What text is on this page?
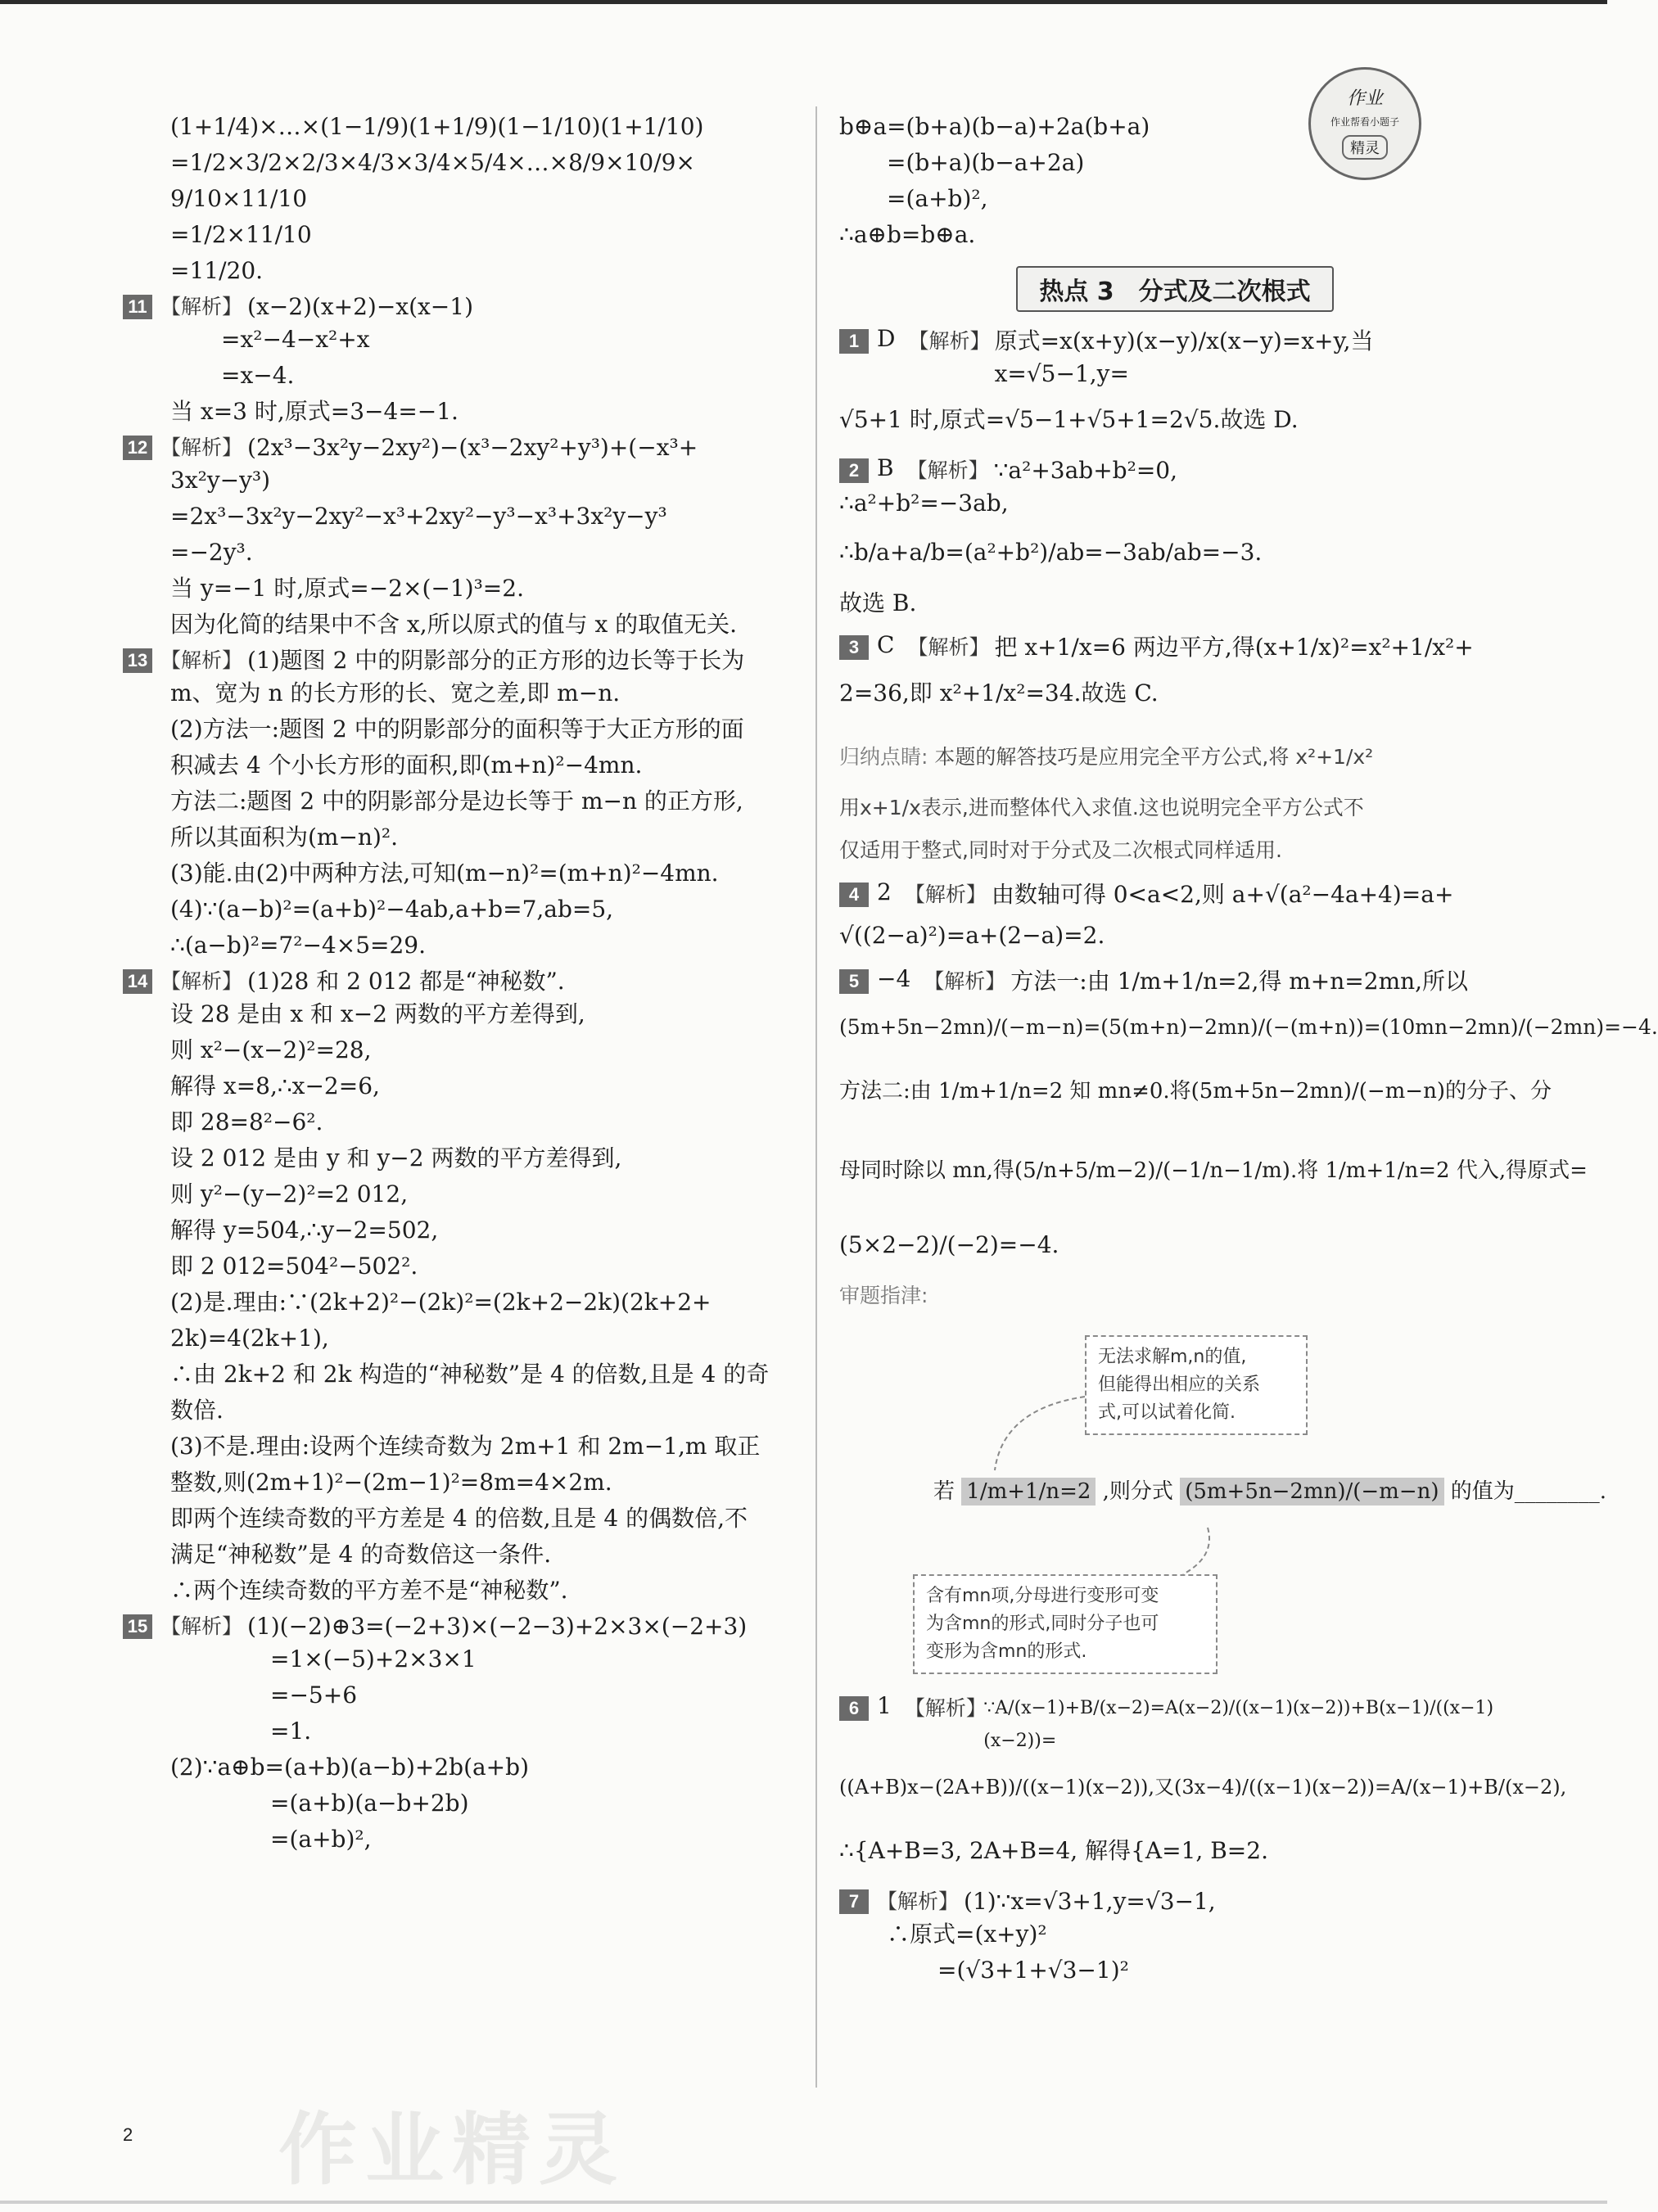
作业
作业帮看小题子
精灵
(1+1/4)×…×(1−1/9)(1+1/9)(1−1/10)(1+1/10)
=1/2×3/2×2/3×4/3×3/4×5/4×…×8/9×10/9×
9/10×11/10
=1/2×11/10
=11/20.
11 【解析】 (x−2)(x+2)−x(x−1)
=x²−4−x²+x
=x−4.
当 x=3 时,原式=3−4=−1.
12 【解析】 (2x³−3x²y−2xy²)−(x³−2xy²+y³)+(−x³+
3x²y−y³)
=2x³−3x²y−2xy²−x³+2xy²−y³−x³+3x²y−y³
=−2y³.
当 y=−1 时,原式=−2×(−1)³=2.
因为化简的结果中不含 x,所以原式的值与 x 的取值无关.
13 【解析】 (1)题图 2 中的阴影部分的正方形的边长等于长为
m、宽为 n 的长方形的长、宽之差,即 m−n.
(2)方法一:题图 2 中的阴影部分的面积等于大正方形的面
积减去 4 个小长方形的面积,即(m+n)²−4mn.
方法二:题图 2 中的阴影部分是边长等于 m−n 的正方形,
所以其面积为(m−n)².
(3)能.由(2)中两种方法,可知(m−n)²=(m+n)²−4mn.
(4)∵(a−b)²=(a+b)²−4ab,a+b=7,ab=5,
∴(a−b)²=7²−4×5=29.
14 【解析】 (1)28 和 2 012 都是“神秘数”.
设 28 是由 x 和 x−2 两数的平方差得到,
则 x²−(x−2)²=28,
解得 x=8,∴x−2=6,
即 28=8²−6².
设 2 012 是由 y 和 y−2 两数的平方差得到,
则 y²−(y−2)²=2 012,
解得 y=504,∴y−2=502,
即 2 012=504²−502².
(2)是.理由:∵(2k+2)²−(2k)²=(2k+2−2k)(2k+2+
2k)=4(2k+1),
∴由 2k+2 和 2k 构造的“神秘数”是 4 的倍数,且是 4 的奇
数倍.
(3)不是.理由:设两个连续奇数为 2m+1 和 2m−1,m 取正
整数,则(2m+1)²−(2m−1)²=8m=4×2m.
即两个连续奇数的平方差是 4 的倍数,且是 4 的偶数倍,不
满足“神秘数”是 4 的奇数倍这一条件.
∴两个连续奇数的平方差不是“神秘数”.
15 【解析】 (1)(−2)⊕3=(−2+3)×(−2−3)+2×3×(−2+3)
=1×(−5)+2×3×1
=−5+6
=1.
(2)∵a⊕b=(a+b)(a−b)+2b(a+b)
=(a+b)(a−b+2b)
=(a+b)²,
b⊕a=(b+a)(b−a)+2a(b+a)
=(b+a)(b−a+2a)
=(a+b)²,
∴a⊕b=b⊕a.
热点 3　分式及二次根式
1 D 【解析】 原式=x(x+y)(x−y)/x(x−y)=x+y,当 x=√5−1,y=
√5+1 时,原式=√5−1+√5+1=2√5.故选 D.
2 B 【解析】 ∵a²+3ab+b²=0,
∴a²+b²=−3ab,
∴b/a+a/b=(a²+b²)/ab=−3ab/ab=−3.
故选 B.
3 C 【解析】 把 x+1/x=6 两边平方,得(x+1/x)²=x²+1/x²+
2=36,即 x²+1/x²=34.故选 C.
归纳点睛: 本题的解答技巧是应用完全平方公式,将 x²+1/x²
用x+1/x表示,进而整体代入求值.这也说明完全平方公式不
仅适用于整式,同时对于分式及二次根式同样适用.
4 2 【解析】 由数轴可得 0<a<2,则 a+√(a²−4a+4)=a+
√((2−a)²)=a+(2−a)=2.
5 −4 【解析】 方法一:由 1/m+1/n=2,得 m+n=2mn,所以
(5m+5n−2mn)/(−m−n)=(5(m+n)−2mn)/(−(m+n))=(10mn−2mn)/(−2mn)=−4.
方法二:由 1/m+1/n=2 知 mn≠0.将(5m+5n−2mn)/(−m−n)的分子、分
母同时除以 mn,得(5/n+5/m−2)/(−1/n−1/m).将 1/m+1/n=2 代入,得原式=
(5×2−2)/(−2)=−4.
审题指津:
无法求解m,n的值,
但能得出相应的关系
式,可以试着化简.
若 1/m+1/n=2 ,则分式 (5m+5n−2mn)/(−m−n) 的值为________.
含有mn项,分母进行变形可变
为含mn的形式,同时分子也可
变形为含mn的形式.
6 1 【解析】
∵A/(x−1)+B/(x−2)=A(x−2)/((x−1)(x−2))+B(x−1)/((x−1)(x−2))=
((A+B)x−(2A+B))/((x−1)(x−2)),又(3x−4)/((x−1)(x−2))=A/(x−1)+B/(x−2),
∴{A+B=3, 2A+B=4, 解得{A=1, B=2.
7 【解析】 (1)∵x=√3+1,y=√3−1,
∴原式=(x+y)²
=(√3+1+√3−1)²
作业精灵
2
